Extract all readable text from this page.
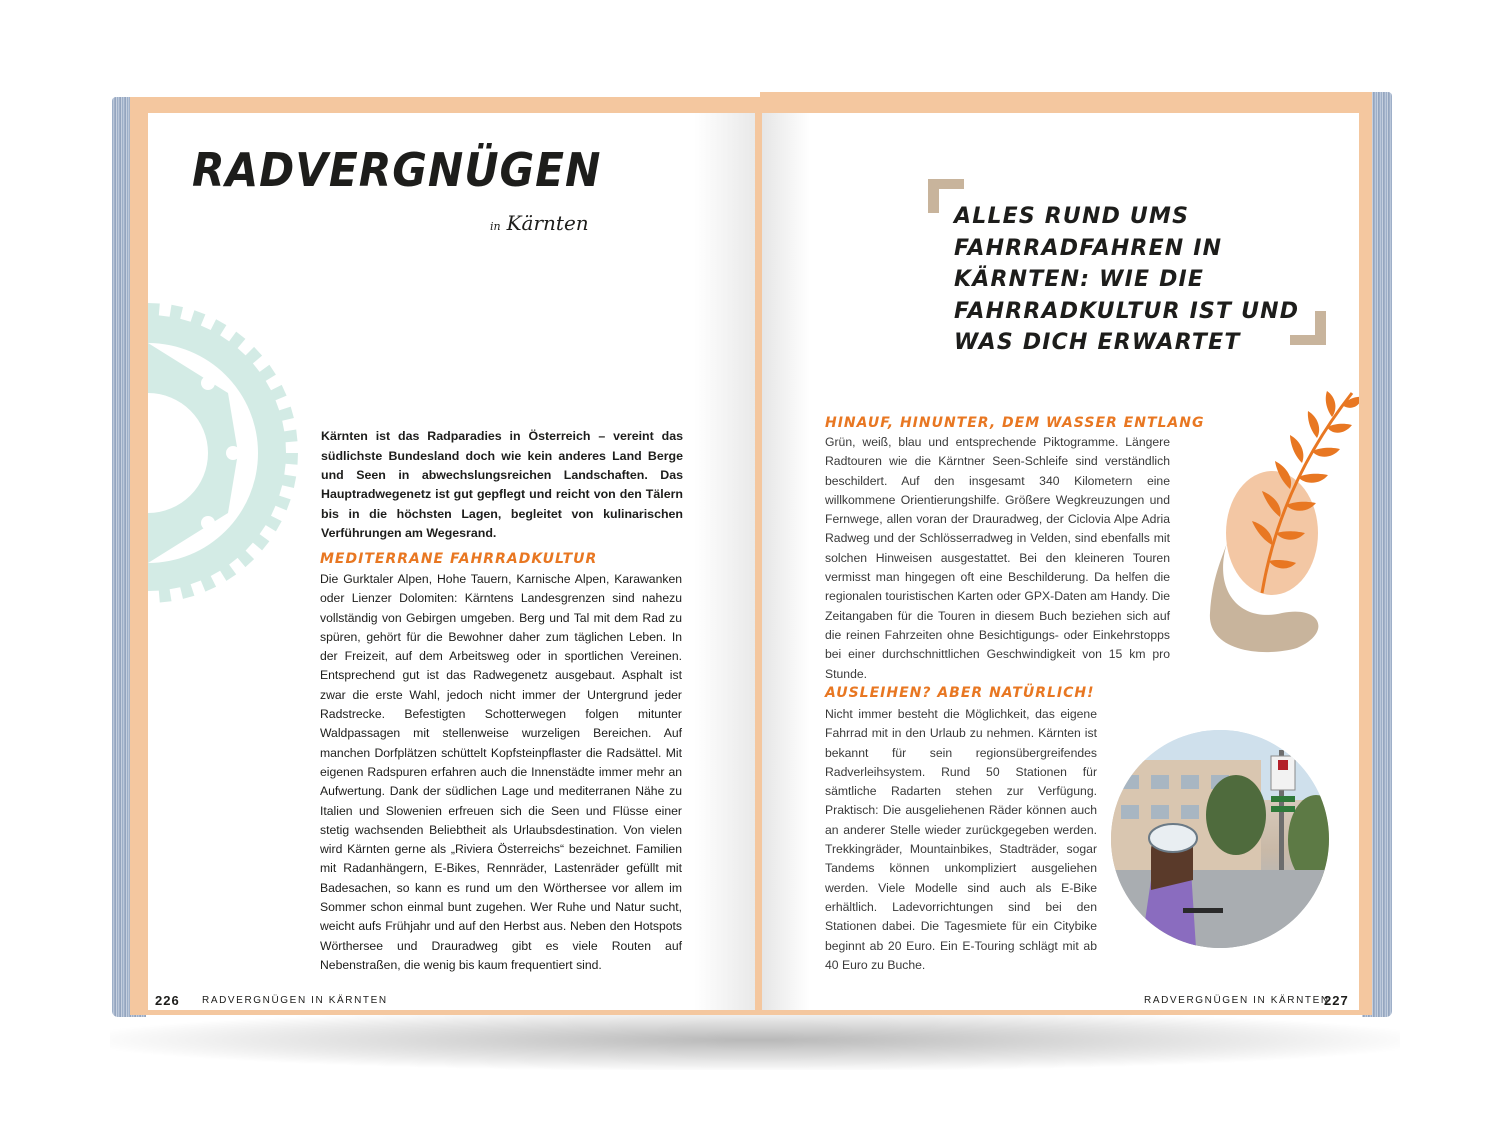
RADVERGNÜGEN
in Kärnten

Kärnten ist das Radparadies in Österreich – vereint das südlichste Bundesland doch wie kein anderes Land Berge und Seen in abwechslungsreichen Landschaften. Das Hauptradwegenetz ist gut gepflegt und reicht von den Tälern bis in die höchsten Lagen, begleitet von kulinarischen Verführungen am Wegesrand.

MEDITERRANE FAHRRADKULTUR

Die Gurktaler Alpen, Hohe Tauern, Karnische Alpen, Karawanken oder Lienzer Dolomiten: Kärntens Landesgrenzen sind nahezu vollständig von Gebirgen umgeben. Berg und Tal mit dem Rad zu spüren, gehört für die Bewohner daher zum täglichen Leben. In der Freizeit, auf dem Arbeitsweg oder in sportlichen Vereinen. Entsprechend gut ist das Radwegenetz ausgebaut. Asphalt ist zwar die erste Wahl, jedoch nicht immer der Untergrund jeder Radstrecke. Befestigten Schotterwegen folgen mitunter Waldpassagen mit stellenweise wurzeligen Bereichen. Auf manchen Dorfplätzen schüttelt Kopfsteinpflaster die Radsättel. Mit eigenen Radspuren erfahren auch die Innenstädte immer mehr an Aufwertung. Dank der südlichen Lage und mediterranen Nähe zu Italien und Slowenien erfreuen sich die Seen und Flüsse einer stetig wachsenden Beliebtheit als Urlaubsdestination. Von vielen wird Kärnten gerne als „Riviera Österreichs“ bezeichnet. Familien mit Radanhängern, E-Bikes, Rennräder, Lastenräder gefüllt mit Badesachen, so kann es rund um den Wörthersee vor allem im Sommer schon einmal bunt zugehen. Wer Ruhe und Natur sucht, weicht aufs Frühjahr und auf den Herbst aus. Neben den Hotspots Wörthersee und Drauradweg gibt es viele Routen auf Nebenstraßen, die wenig bis kaum frequentiert sind.

226 RADVERGNÜGEN IN KÄRNTEN
ALLES RUND UMS FAHRRADFAHREN IN KÄRNTEN: WIE DIE FAHRRADKULTUR IST UND WAS DICH ERWARTET
HINAUF, HINUNTER, DEM WASSER ENTLANG

Grün, weiß, blau und entsprechende Piktogramme. Längere Radtouren wie die Kärntner Seen-Schleife sind verständlich beschildert. Auf den insgesamt 340 Kilometern eine willkommene Orientierungshilfe. Größere Wegkreuzungen und Fernwege, allen voran der Drauradweg, der Ciclovia Alpe Adria Radweg und der Schlösserradweg in Velden, sind ebenfalls mit solchen Hinweisen ausgestattet. Bei den kleineren Touren vermisst man hingegen oft eine Beschilderung. Da helfen die regionalen touristischen Karten oder GPX-Daten am Handy. Die Zeitangaben für die Touren in diesem Buch beziehen sich auf die reinen Fahrzeiten ohne Besichtigungs- oder Einkehrstopps bei einer durchschnittlichen Geschwindigkeit von 15 km pro Stunde.

AUSLEIHEN? ABER NATÜRLICH!

Nicht immer besteht die Möglichkeit, das eigene Fahrrad mit in den Urlaub zu nehmen. Kärnten ist bekannt für sein regionsübergreifendes Radverleihsystem. Rund 50 Stationen für sämtliche Radarten stehen zur Verfügung. Praktisch: Die ausgeliehenen Räder können auch an anderer Stelle wieder zurückgegeben werden. Trekkingräder, Mountainbikes, Stadträder, sogar Tandems können unkompliziert ausgeliehen werden. Viele Modelle sind auch als E-Bike erhältlich. Ladevorrichtungen sind bei den Stationen dabei. Die Tagesmiete für ein Citybike beginnt ab 20 Euro. Ein E-Touring schlägt mit ab 40 Euro zu Buche.

RADVERGNÜGEN IN KÄRNTEN
227
